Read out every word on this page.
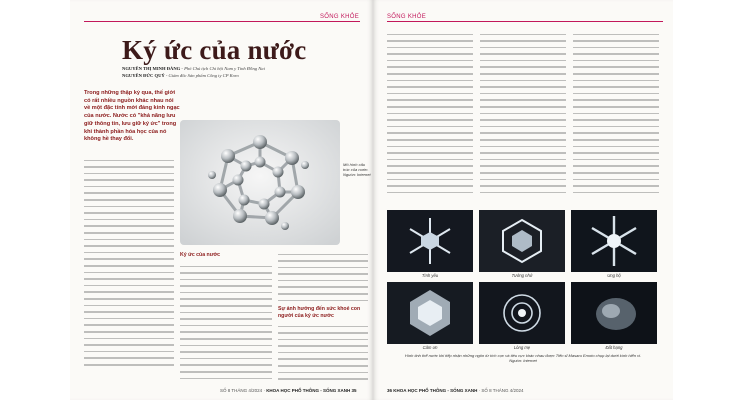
SỐNG KHỎE
Ký ức của nước
NGUYỄN THỊ MINH ĐẢNG - Phó Chủ tịch Chi hội Nam y Tỉnh Đồng Nai
NGUYỄN ĐỨC QUÝ - Giám đốc Sản phẩm Công ty CP Koro
Trong những thập kỷ qua, thế giới có rất nhiều nguồn khác nhau nói về một đặc tính mới đáng kinh ngạc của nước. Nước có "khả năng lưu giữ thông tin, lưu giữ ký ức" trong khi thành phần hóa học của nó không hề thay đổi.
Mô hình cấu trúc của nước. Nguồn: Internet
Ký ức của nước
Sự ảnh hưởng đến sức khoẻ con người của ký ức nước
SỐ 8 THÁNG 4/2024 · KHOA HỌC PHỔ THÔNG - SỐNG XANH 35
SỐNG KHỎE
Tình yêu	Tưởng nhớ	Ung hộ
Cảm ơn	Lòng mẹ	Đất hạng
Hình tinh thể nước khi tiếp nhận những ngôn từ tích cực và tiêu cực khác nhau được Tiến sĩ Masaru Emoto chụp lại dưới kính hiển vi. Nguồn: Internet
36 KHOA HỌC PHỔ THÔNG - SỐNG XANH · SỐ 8 THÁNG 4/2024
